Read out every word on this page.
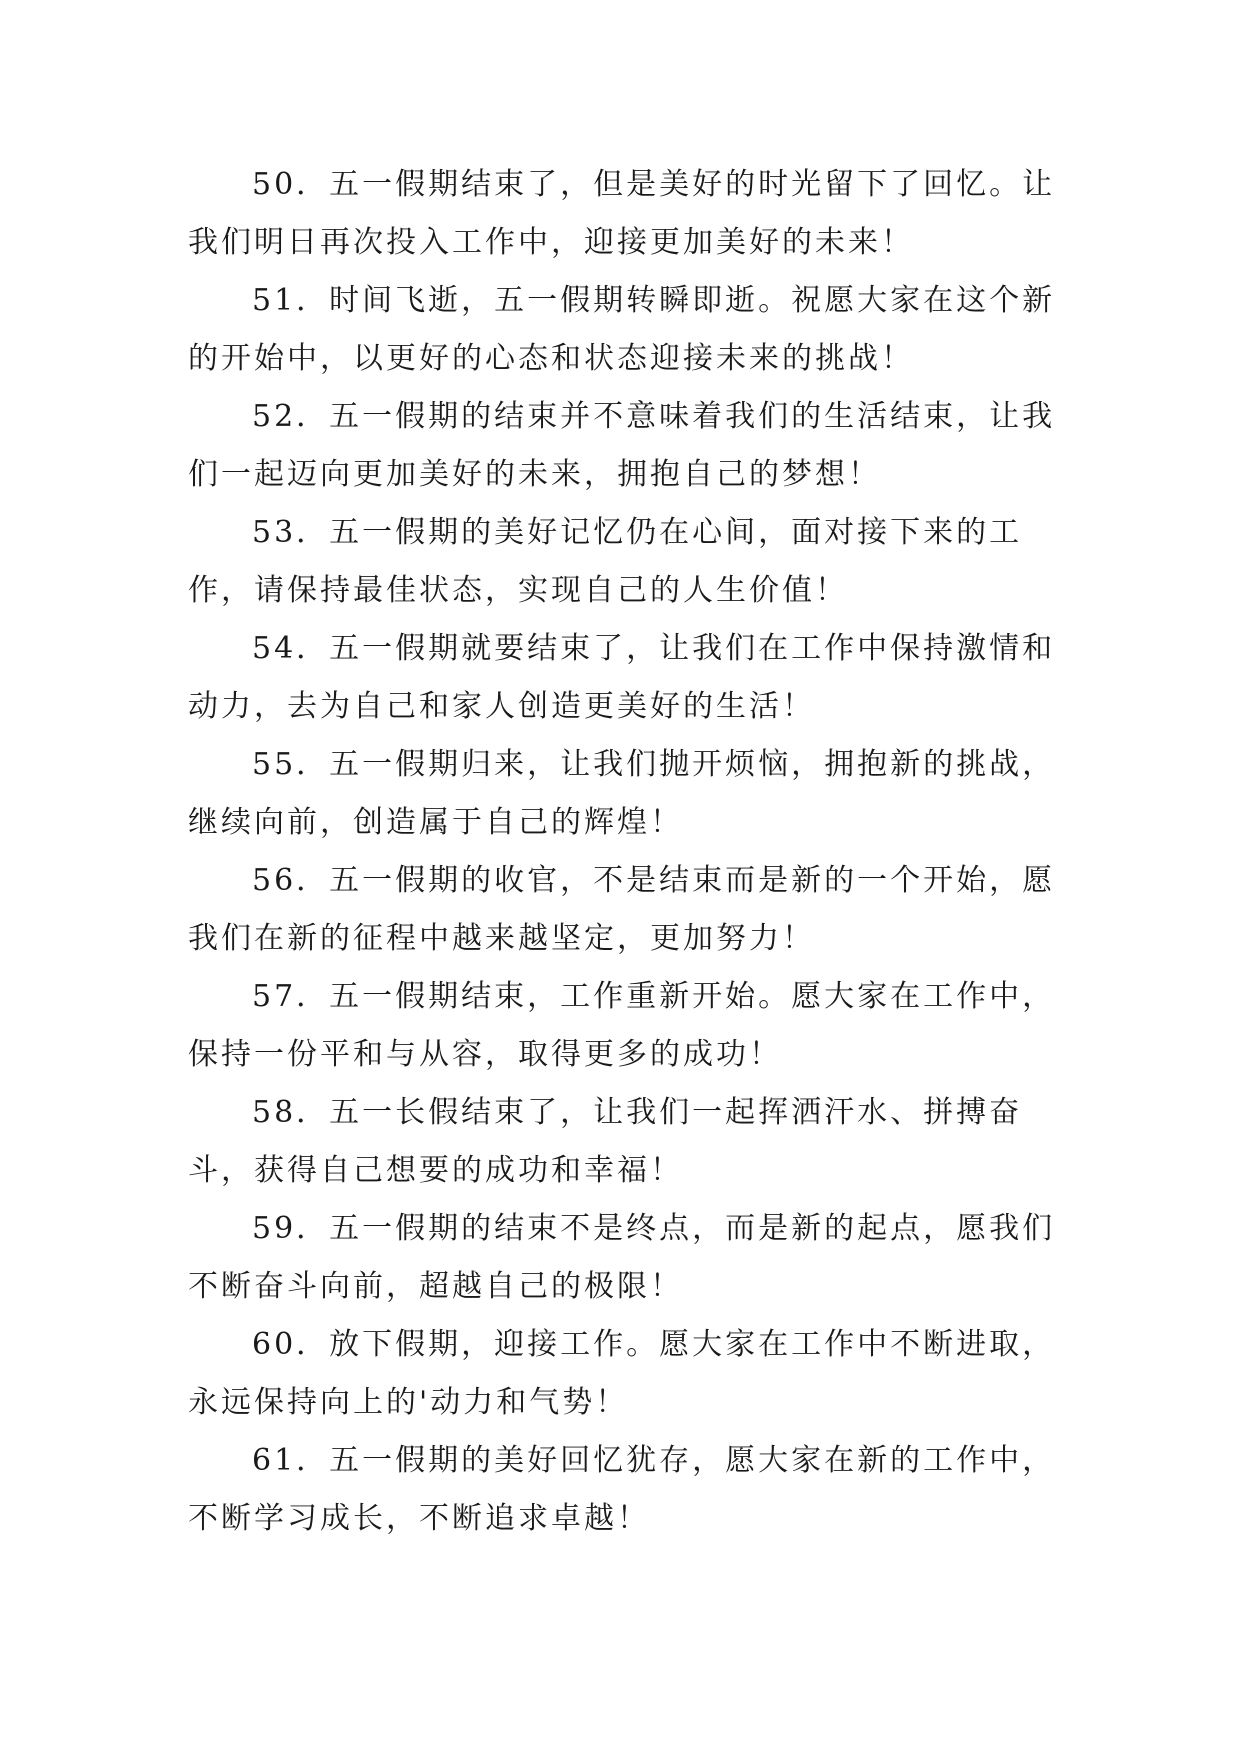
50．五一假期结束了，但是美好的时光留下了回忆。让我们明日再次投入工作中，迎接更加美好的未来！

51．时间飞逝，五一假期转瞬即逝。祝愿大家在这个新的开始中，以更好的心态和状态迎接未来的挑战！

52．五一假期的结束并不意味着我们的生活结束，让我们一起迈向更加美好的未来，拥抱自己的梦想！

53．五一假期的美好记忆仍在心间，面对接下来的工作，请保持最佳状态，实现自己的人生价值！

54．五一假期就要结束了，让我们在工作中保持激情和动力，去为自己和家人创造更美好的生活！

55．五一假期归来，让我们抛开烦恼，拥抱新的挑战，继续向前，创造属于自己的辉煌！

56．五一假期的收官，不是结束而是新的一个开始，愿我们在新的征程中越来越坚定，更加努力！

57．五一假期结束，工作重新开始。愿大家在工作中，保持一份平和与从容，取得更多的成功！

58．五一长假结束了，让我们一起挥洒汗水、拼搏奋斗，获得自己想要的成功和幸福！

59．五一假期的结束不是终点，而是新的起点，愿我们不断奋斗向前，超越自己的极限！

60．放下假期，迎接工作。愿大家在工作中不断进取，永远保持向上的'动力和气势！

61．五一假期的美好回忆犹存，愿大家在新的工作中，不断学习成长，不断追求卓越！
